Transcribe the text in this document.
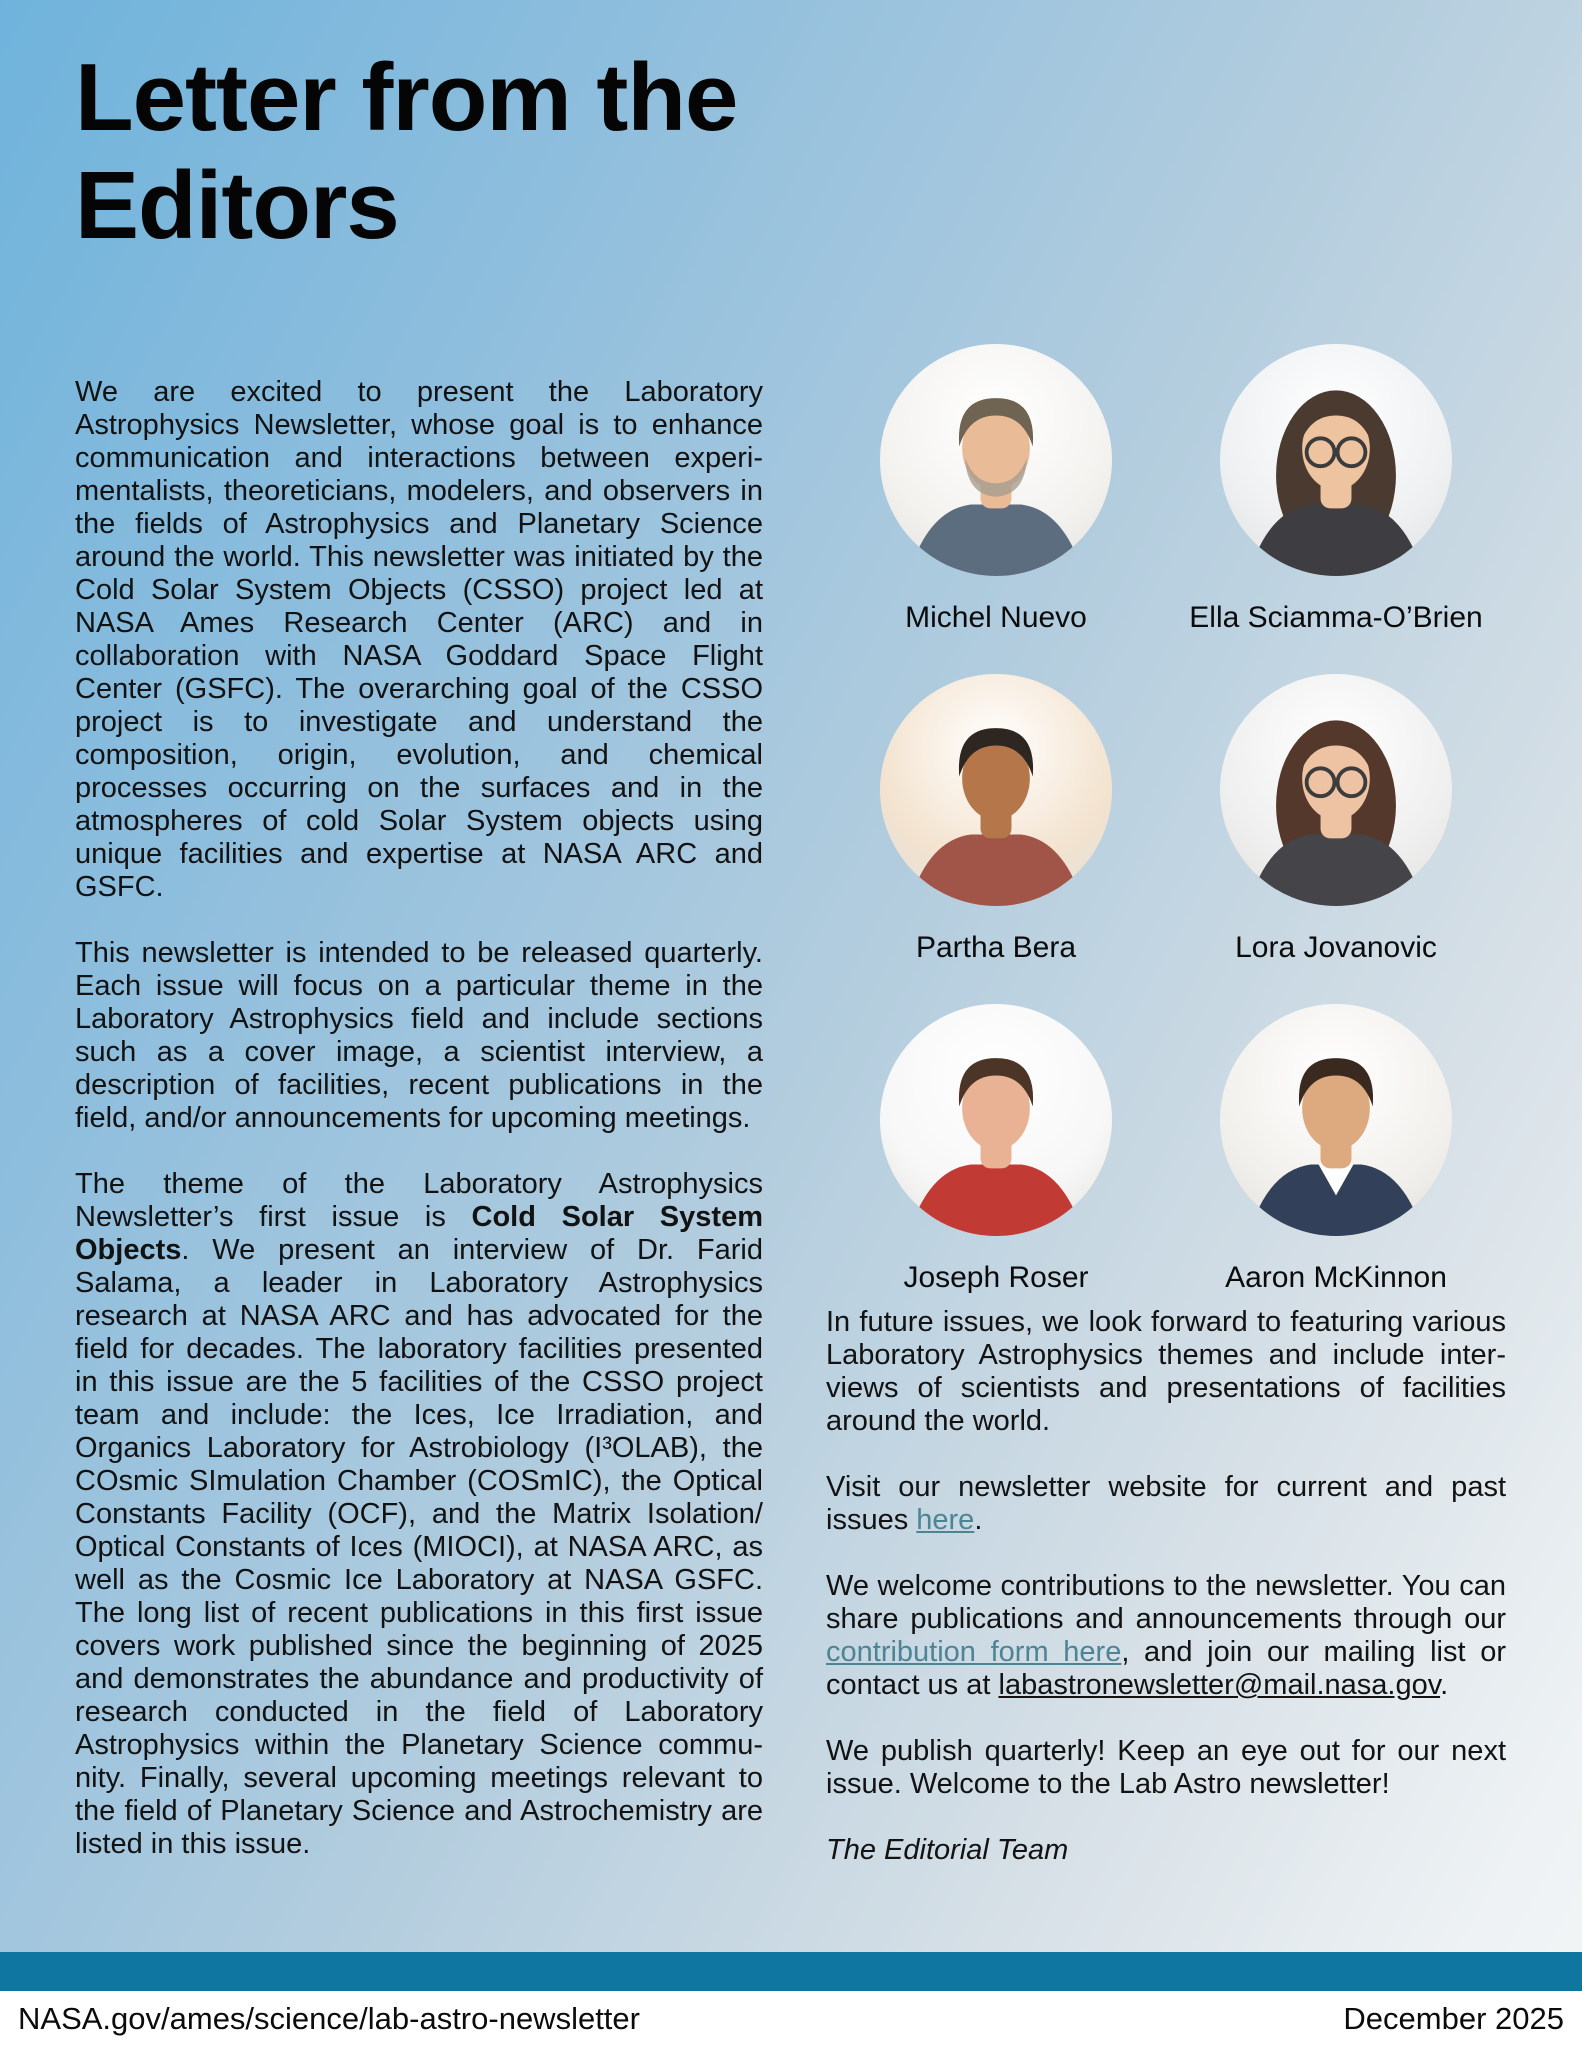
Letter from the
Editors

We are excited to present the Laboratory Astrophysics Newsletter, whose goal is to enhance communication and interactions between experi-mentalists, theoreticians, modelers, and observers in the fields of Astrophysics and Planetary Science around the world. This newsletter was initiated by the Cold Solar System Objects (CSSO) project led at NASA Ames Research Center (ARC) and in collaboration with NASA Goddard Space Flight Center (GSFC). The overarching goal of the CSSO project is to investigate and understand the composition, origin, evolution, and chemical processes occurring on the surfaces and in the atmospheres of cold Solar System objects using unique facilities and expertise at NASA ARC and GSFC.

This newsletter is intended to be released quarterly. Each issue will focus on a particular theme in the Laboratory Astrophysics field and include sections such as a cover image, a scientist interview, a description of facilities, recent publications in the field, and/or announcements for upcoming meetings.

The theme of the Laboratory Astrophysics Newsletter’s first issue is Cold Solar System Objects. We present an interview of Dr. Farid Salama, a leader in Laboratory Astrophysics research at NASA ARC and has advocated for the field for decades. The laboratory facilities presented in this issue are the 5 facilities of the CSSO project team and include: the Ices, Ice Irradiation, and Organics Laboratory for Astrobiology (I³OLAB), the COsmic SImulation Chamber (COSmIC), the Optical Constants Facility (OCF), and the Matrix Isolation/ Optical Constants of Ices (MIOCI), at NASA ARC, as well as the Cosmic Ice Laboratory at NASA GSFC. The long list of recent publications in this first issue covers work published since the beginning of 2025 and demonstrates the abundance and productivity of research conducted in the field of Laboratory Astrophysics within the Planetary Science commu-nity. Finally, several upcoming meetings relevant to the field of Planetary Science and Astrochemistry are listed in this issue.

Michel Nuevo	Ella Sciamma-O’Brien
Partha Bera	Lora Jovanovic
Joseph Roser	Aaron McKinnon

In future issues, we look forward to featuring various Laboratory Astrophysics themes and include inter-views of scientists and presentations of facilities around the world.

Visit our newsletter website for current and past issues here.

We welcome contributions to the newsletter. You can share publications and announcements through our contribution form here, and join our mailing list or contact us at labastronewsletter@mail.nasa.gov.

We publish quarterly! Keep an eye out for our next issue. Welcome to the Lab Astro newsletter!

The Editorial Team

NASA.gov/ames/science/lab-astro-newsletter	December 2025
